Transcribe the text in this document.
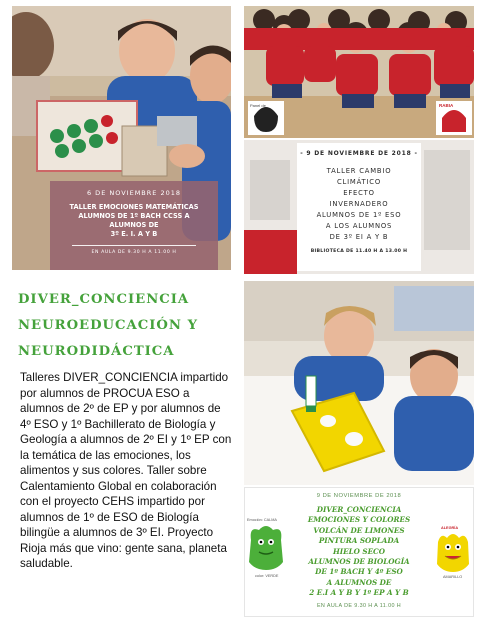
6 DE NOVIEMBRE 2018
TALLER EMOCIONES MATEMÁTICAS
ALUMNOS DE 1º BACH CCSS A
ALUMNOS DE
3º E. I. A Y B
EN AULA DE 9.30 H A 11.00 H
Panel de	RABIA
- 9 DE NOVIEMBRE DE 2018 -
TALLER CAMBIO
CLIMÁTICO
EFECTO
INVERNADERO
ALUMNOS DE 1º ESO
A LOS ALUMNOS
DE 3º EI A Y B
BIBLIOTECA DE 11.40 H A 13.00 H
DIVER_CONCIENCIA
NEUROEDUCACIÓN Y
NEURODIDÁCTICA
Talleres DIVER_CONCIENCIA impartido por alumnos de PROCUA ESO a alumnos de 2º de EP y por alumnos de 4º ESO y 1º Bachillerato de Biología y Geología a alumnos de 2º EI y 1º EP con la temática de las emociones, los alimentos y sus colores. Taller sobre Calentamiento Global en colaboración con el proyecto CEHS impartido por alumnos de 1º de ESO de Biología bilingüe a alumnos de 3º EI. Proyecto Rioja más que vino: gente sana, planeta saludable.
9 DE NOVIEMBRE DE 2018
DIVER_CONCIENCIA
EMOCIONES Y COLORES
VOLCÁN DE LIMONES
PINTURA SOPLADA
HIELO SECO
ALUMNOS DE BIOLOGÍA
DE 1º BACH Y 4º ESO
A ALUMNOS DE
2 E.I A Y B Y 1º EP A Y B
EN AULA DE 9.30 H A 11.00 H
Emoción: CALMA
color: VERDE
ALEGRÍA
AMARILLO
